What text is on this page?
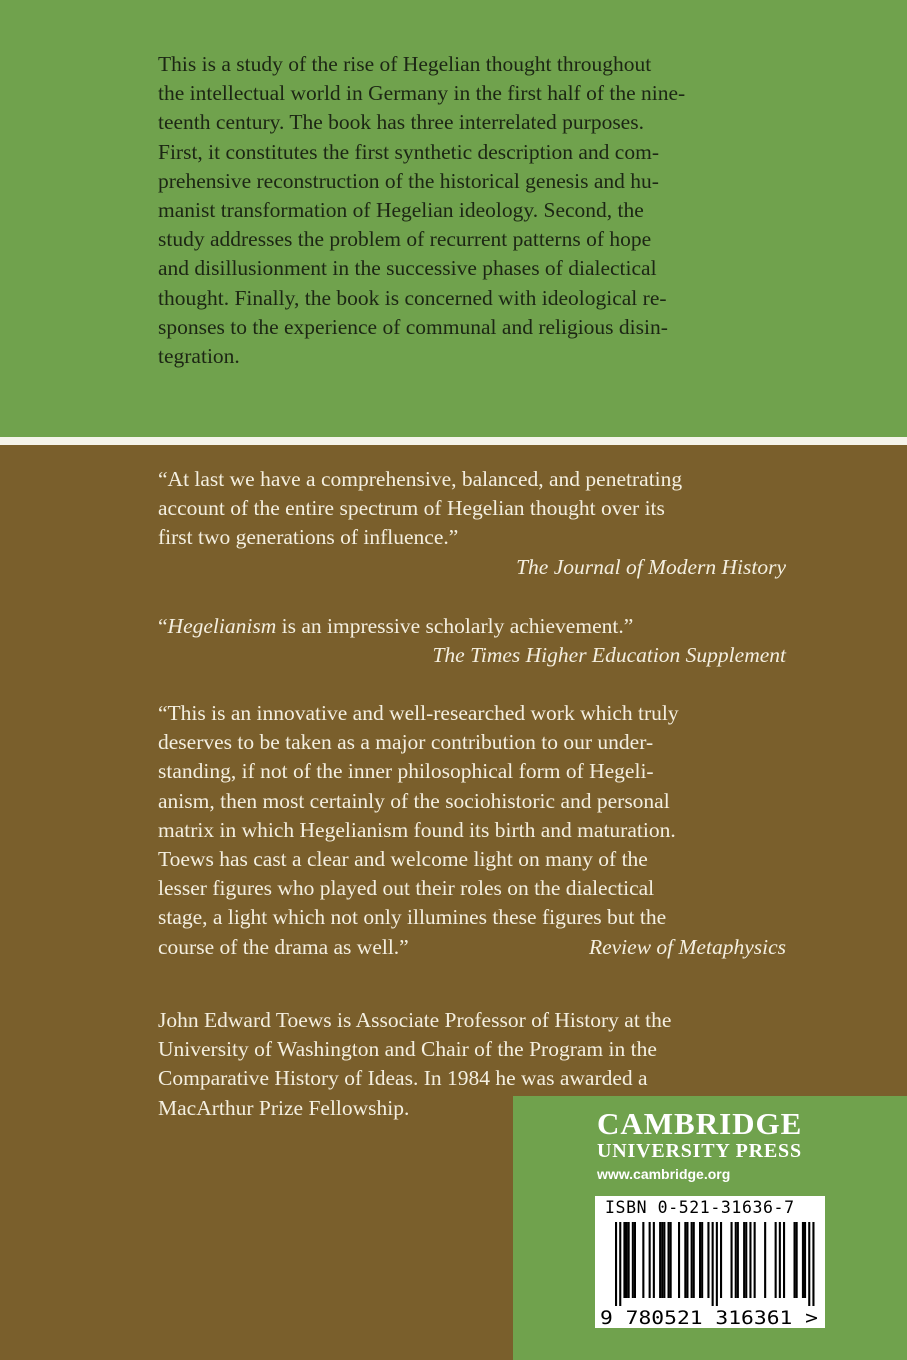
This is a study of the rise of Hegelian thought throughout
the intellectual world in Germany in the first half of the nine-
teenth century. The book has three interrelated purposes.
First, it constitutes the first synthetic description and com-
prehensive reconstruction of the historical genesis and hu-
manist transformation of Hegelian ideology. Second, the
study addresses the problem of recurrent patterns of hope
and disillusionment in the successive phases of dialectical
thought. Finally, the book is concerned with ideological re-
sponses to the experience of communal and religious disin-
tegration.

“At last we have a comprehensive, balanced, and penetrating
account of the entire spectrum of Hegelian thought over its
first two generations of influence.”
The Journal of Modern History
“Hegelianism is an impressive scholarly achievement.”
The Times Higher Education Supplement
“This is an innovative and well-researched work which truly
deserves to be taken as a major contribution to our under-
standing, if not of the inner philosophical form of Hegeli-
anism, then most certainly of the sociohistoric and personal
matrix in which Hegelianism found its birth and maturation.
Toews has cast a clear and welcome light on many of the
lesser figures who played out their roles on the dialectical
stage, a light which not only illumines these figures but the
course of the drama as well.”	Review of Metaphysics
John Edward Toews is Associate Professor of History at the
University of Washington and Chair of the Program in the
Comparative History of Ideas. In 1984 he was awarded a
MacArthur Prize Fellowship.	CAMBRIDGE

UNIVERSITY PRESS

www.cambridge.org

ISBN 0-521-31636-7

9 780521 316361 >
